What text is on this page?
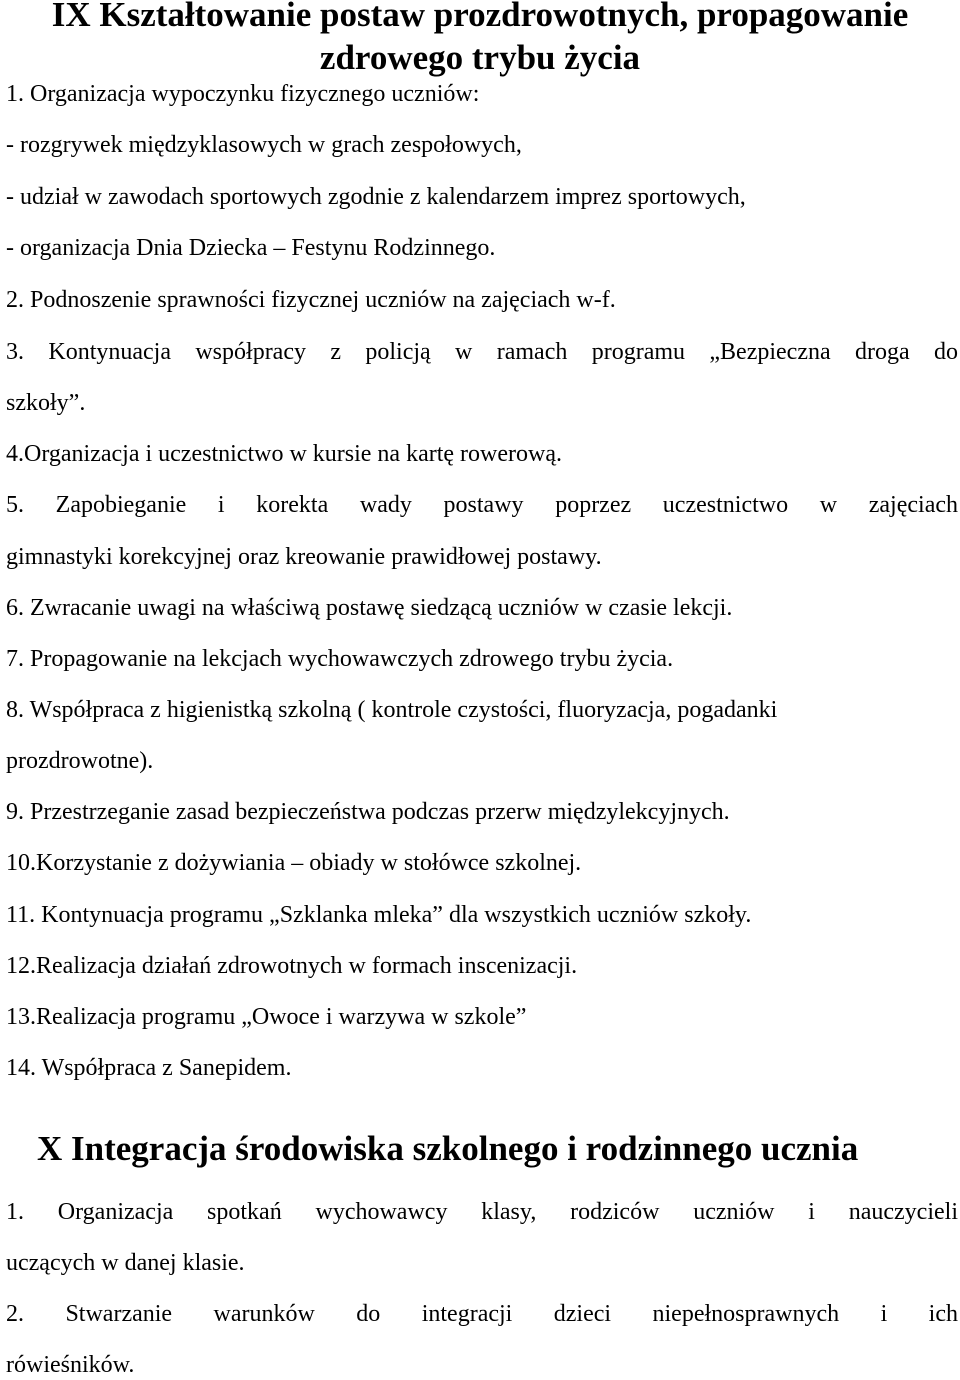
IX Kształtowanie postaw prozdrowotnych, propagowanie
zdrowego trybu życia

1. Organizacja wypoczynku fizycznego uczniów:

- rozgrywek międzyklasowych w grach zespołowych,

- udział w zawodach sportowych zgodnie z kalendarzem imprez sportowych,

- organizacja Dnia Dziecka – Festynu Rodzinnego.

2. Podnoszenie sprawności fizycznej uczniów na zajęciach w-f.

3. Kontynuacja współpracy z policją w ramach programu „Bezpieczna droga do

szkoły”.

4.Organizacja i uczestnictwo w kursie na kartę rowerową.

5. Zapobieganie i korekta wady postawy poprzez uczestnictwo w zajęciach

gimnastyki korekcyjnej oraz kreowanie prawidłowej postawy.

6. Zwracanie uwagi na właściwą postawę siedzącą uczniów w czasie lekcji.

7. Propagowanie na lekcjach wychowawczych zdrowego trybu życia.

8. Współpraca z higienistką szkolną ( kontrole czystości, fluoryzacja, pogadanki

prozdrowotne).

9. Przestrzeganie zasad bezpieczeństwa podczas przerw międzylekcyjnych.

10.Korzystanie z dożywiania – obiady w stołówce szkolnej.

11. Kontynuacja programu „Szklanka mleka” dla wszystkich uczniów szkoły.

12.Realizacja działań zdrowotnych w formach inscenizacji.

13.Realizacja programu „Owoce i warzywa w szkole”

14. Współpraca z Sanepidem.

X Integracja środowiska szkolnego i rodzinnego ucznia

1. Organizacja spotkań wychowawcy klasy, rodziców uczniów i nauczycieli

uczących w danej klasie.

2. Stwarzanie warunków do integracji dzieci niepełnosprawnych i ich

rówieśników.
